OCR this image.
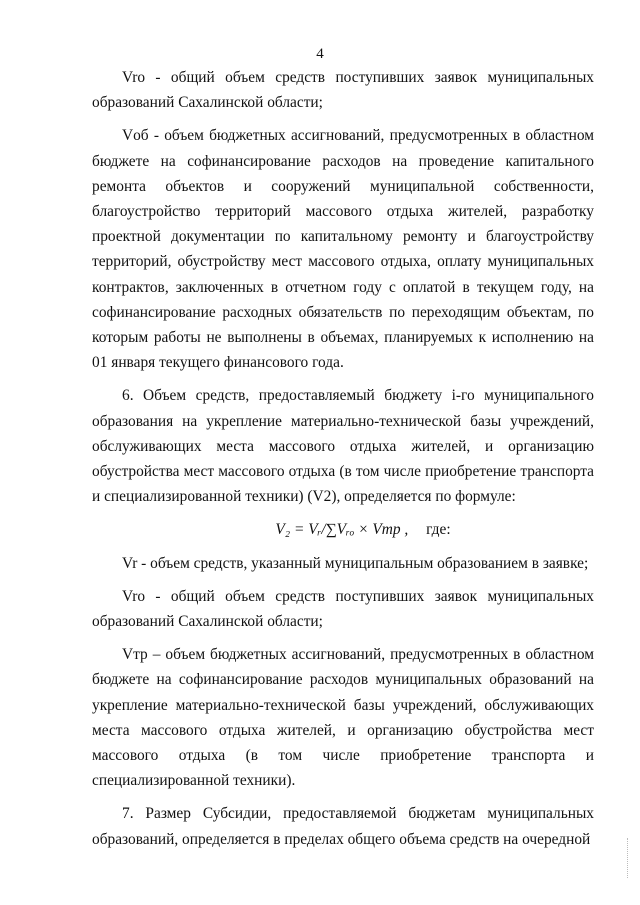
4

Vro - общий объем средств поступивших заявок муниципальных образований Сахалинской области;

Vоб - объем бюджетных ассигнований, предусмотренных в областном бюджете на софинансирование расходов на проведение капитального ремонта объектов и сооружений муниципальной собственности, благоустройство территорий массового отдыха жителей, разработку проектной документации по капитальному ремонту и благоустройству территорий, обустройству мест массового отдыха, оплату муниципальных контрактов, заключенных в отчетном году с оплатой в текущем году, на софинансирование расходных обязательств по переходящим объектам, по которым работы не выполнены в объемах, планируемых к исполнению на 01 января текущего финансового года.

6. Объем средств, предоставляемый бюджету i-го муниципального образования на укрепление материально-технической базы учреждений, обслуживающих места массового отдыха жителей, и организацию обустройства мест массового отдыха (в том числе приобретение транспорта и специализированной техники) (V2), определяется по формуле:

V₂ = Vᵣ/∑Vᵣₒ × Vтр , где:

Vr - объем средств, указанный муниципальным образованием в заявке;

Vro - общий объем средств поступивших заявок муниципальных образований Сахалинской области;

Vтр – объем бюджетных ассигнований, предусмотренных в областном бюджете на софинансирование расходов муниципальных образований на укрепление материально-технической базы учреждений, обслуживающих места массового отдыха жителей, и организацию обустройства мест массового отдыха (в том числе приобретение транспорта и специализированной техники).

7. Размер Субсидии, предоставляемой бюджетам муниципальных образований, определяется в пределах общего объема средств на очередной
